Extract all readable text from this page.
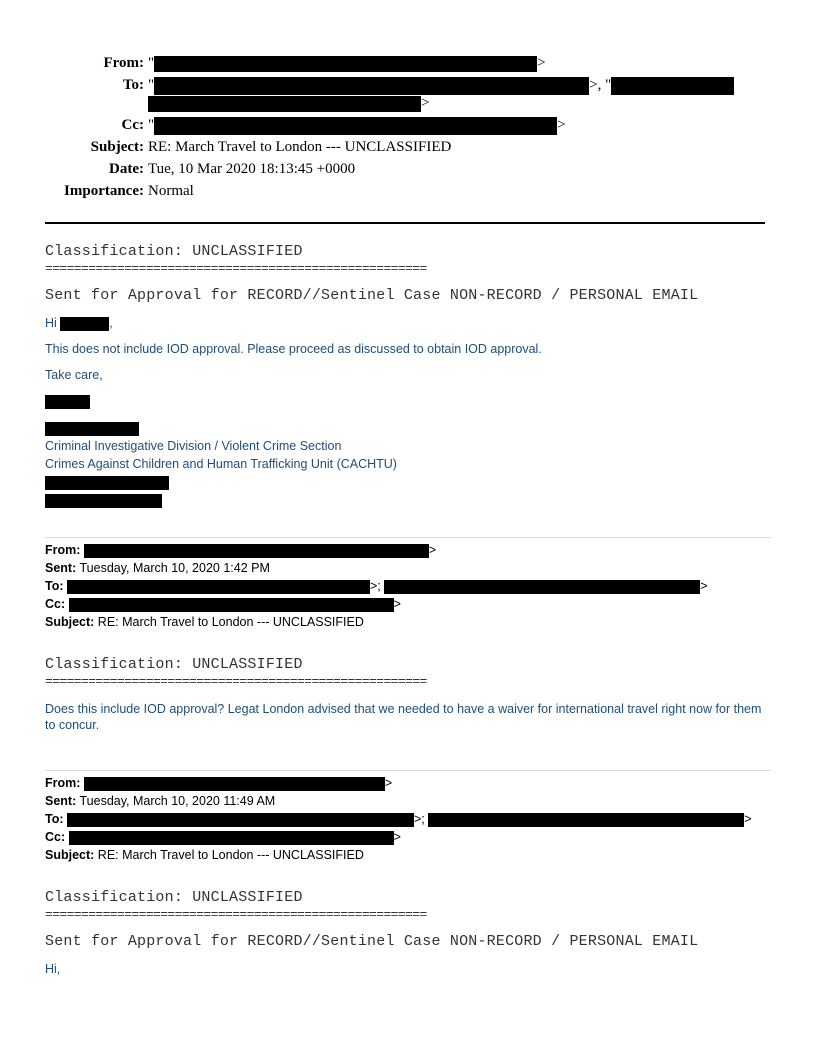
From: "	>
To: "	>, "
>
Cc: "	>
Subject: RE: March Travel to London --- UNCLASSIFIED
Date: Tue, 10 Mar 2020 18:13:45 +0000
Importance: Normal
Classification: UNCLASSIFIED
=====================================================
Sent for Approval for RECORD//Sentinel Case NON-RECORD / PERSONAL EMAIL
Hi	,
This does not include IOD approval. Please proceed as discussed to obtain IOD approval.
Take care,
Criminal Investigative Division / Violent Crime Section
Crimes Against Children and Human Trafficking Unit (CACHTU)
From:	>
Sent: Tuesday, March 10, 2020 1:42 PM
To:	>;	>
Cc:	>
Subject: RE: March Travel to London --- UNCLASSIFIED
Classification: UNCLASSIFIED
=====================================================
Does this include IOD approval? Legat London advised that we needed to have a waiver for international travel right now for them to concur.
From:	>
Sent: Tuesday, March 10, 2020 11:49 AM
To:	>;	>
Cc:	>
Subject: RE: March Travel to London --- UNCLASSIFIED
Classification: UNCLASSIFIED
=====================================================
Sent for Approval for RECORD//Sentinel Case NON-RECORD / PERSONAL EMAIL
Hi,
